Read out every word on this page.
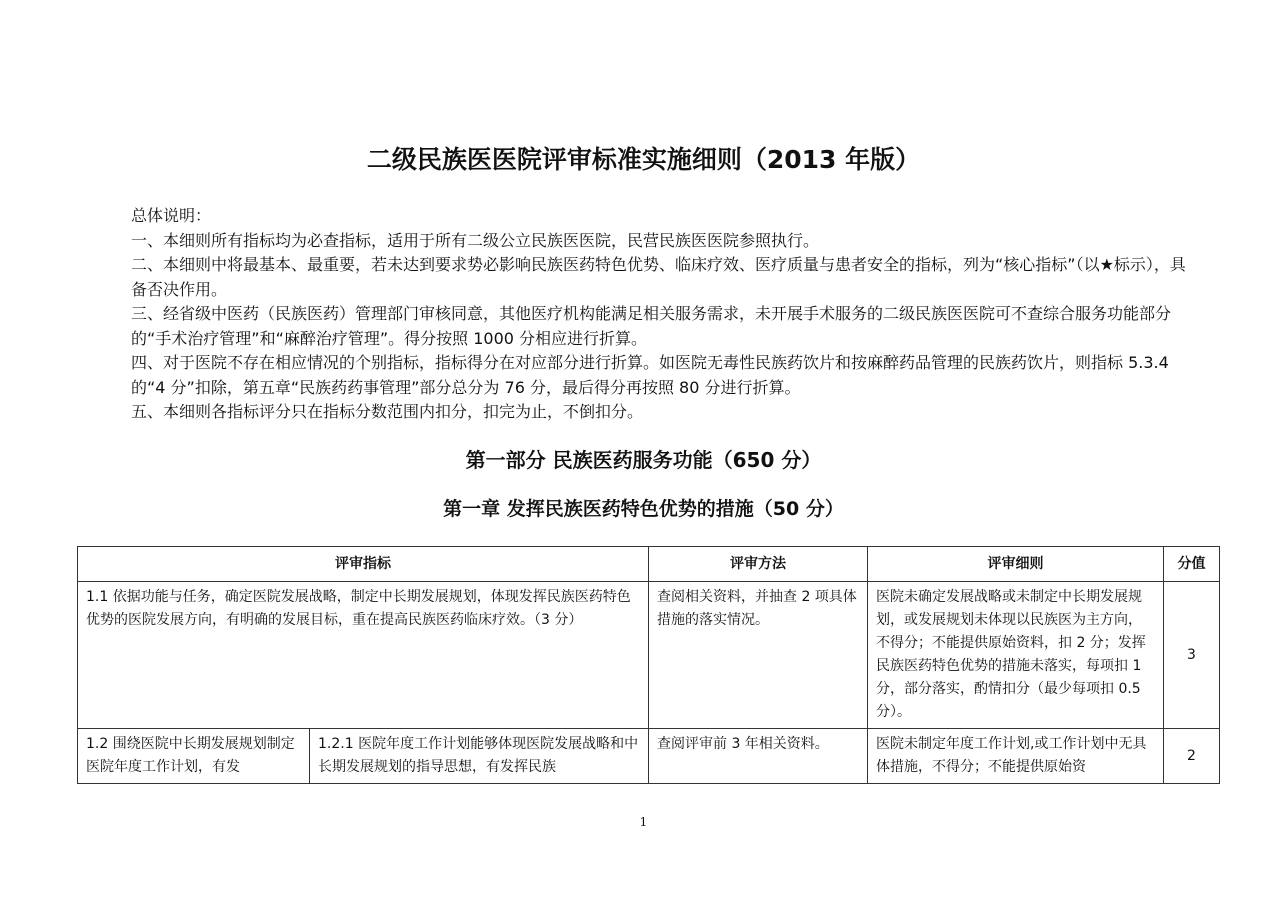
二级民族医医院评审标准实施细则（2013 年版）

总体说明：

一、本细则所有指标均为必查指标，适用于所有二级公立民族医医院，民营民族医医院参照执行。

二、本细则中将最基本、最重要，若未达到要求势必影响民族医药特色优势、临床疗效、医疗质量与患者安全的指标，列为“核心指标”（以★标示），具备否决作用。

三、经省级中医药（民族医药）管理部门审核同意，其他医疗机构能满足相关服务需求，未开展手术服务的二级民族医医院可不查综合服务功能部分的“手术治疗管理”和“麻醉治疗管理”。得分按照 1000 分相应进行折算。

四、对于医院不存在相应情况的个别指标，指标得分在对应部分进行折算。如医院无毒性民族药饮片和按麻醉药品管理的民族药饮片，则指标 5.3.4 的“4 分”扣除，第五章“民族药药事管理”部分总分为 76 分，最后得分再按照 80 分进行折算。

五、本细则各指标评分只在指标分数范围内扣分，扣完为止，不倒扣分。

第一部分 民族医药服务功能（650 分）
第一章 发挥民族医药特色优势的措施（50 分）
评审指标		评审方法	评审细则	分值
1.1 依据功能与任务，确定医院发展战略，制定中长期发展规划，体现发挥民族医药特色优势的医院发展方向，有明确的发展目标，重在提高民族医药临床疗效。（3 分）		查阅相关资料，并抽查 2 项具体措施的落实情况。	医院未确定发展战略或未制定中长期发展规划，或发展规划未体现以民族医为主方向，不得分；不能提供原始资料，扣 2 分；发挥民族医药特色优势的措施未落实，每项扣 1 分，部分落实，酌情扣分（最少每项扣 0.5 分）。	3

1.2 围绕医院中长期发展规划制定医院年度工作计划，有发	1.2.1 医院年度工作计划能够体现医院发展战略和中长期发展规划的指导思想，有发挥民族	查阅评审前 3 年相关资料。	医院未制定年度工作计划,或工作计划中无具体措施，不得分；不能提供原始资	2
1
